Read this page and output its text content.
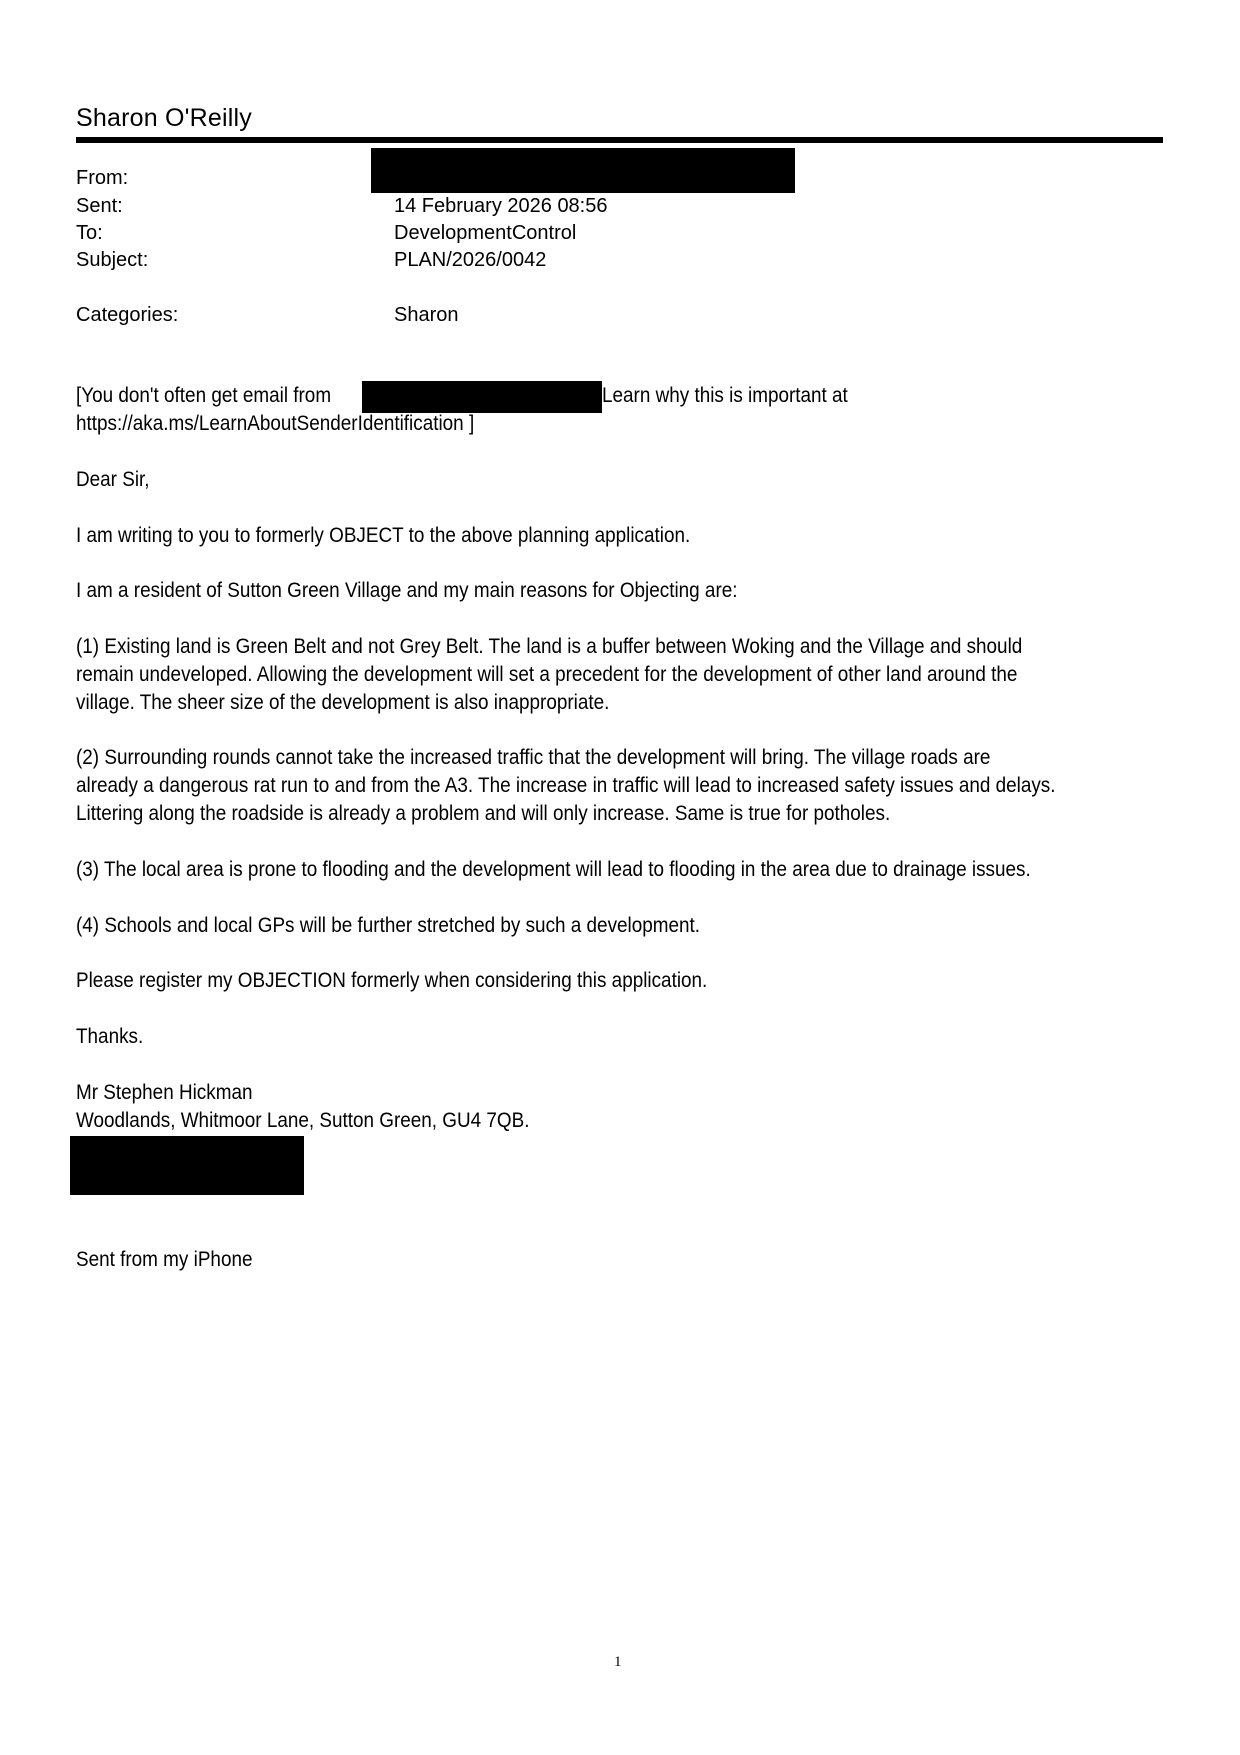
Sharon O'Reilly
From:
Sent:	14 February 2026 08:56
To:	DevelopmentControl
Subject:	PLAN/2026/0042
Categories:	Sharon
[You don't often get email from	Learn why this is important at
https://aka.ms/LearnAboutSenderIdentification ]
Dear Sir,
I am writing to you to formerly OBJECT to the above planning application.
I am a resident of Sutton Green Village and my main reasons for Objecting are:
(1) Existing land is Green Belt and not Grey Belt. The land is a buffer between Woking and the Village and should
remain undeveloped. Allowing the development will set a precedent for the development of other land around the
village. The sheer size of the development is also inappropriate.
(2) Surrounding rounds cannot take the increased traffic that the development will bring. The village roads are
already a dangerous rat run to and from the A3. The increase in traffic will lead to increased safety issues and delays.
Littering along the roadside is already a problem and will only increase. Same is true for potholes.
(3) The local area is prone to flooding and the development will lead to flooding in the area due to drainage issues.
(4) Schools and local GPs will be further stretched by such a development.
Please register my OBJECTION formerly when considering this application.
Thanks.
Mr Stephen Hickman
Woodlands, Whitmoor Lane, Sutton Green, GU4 7QB.
Sent from my iPhone
1
